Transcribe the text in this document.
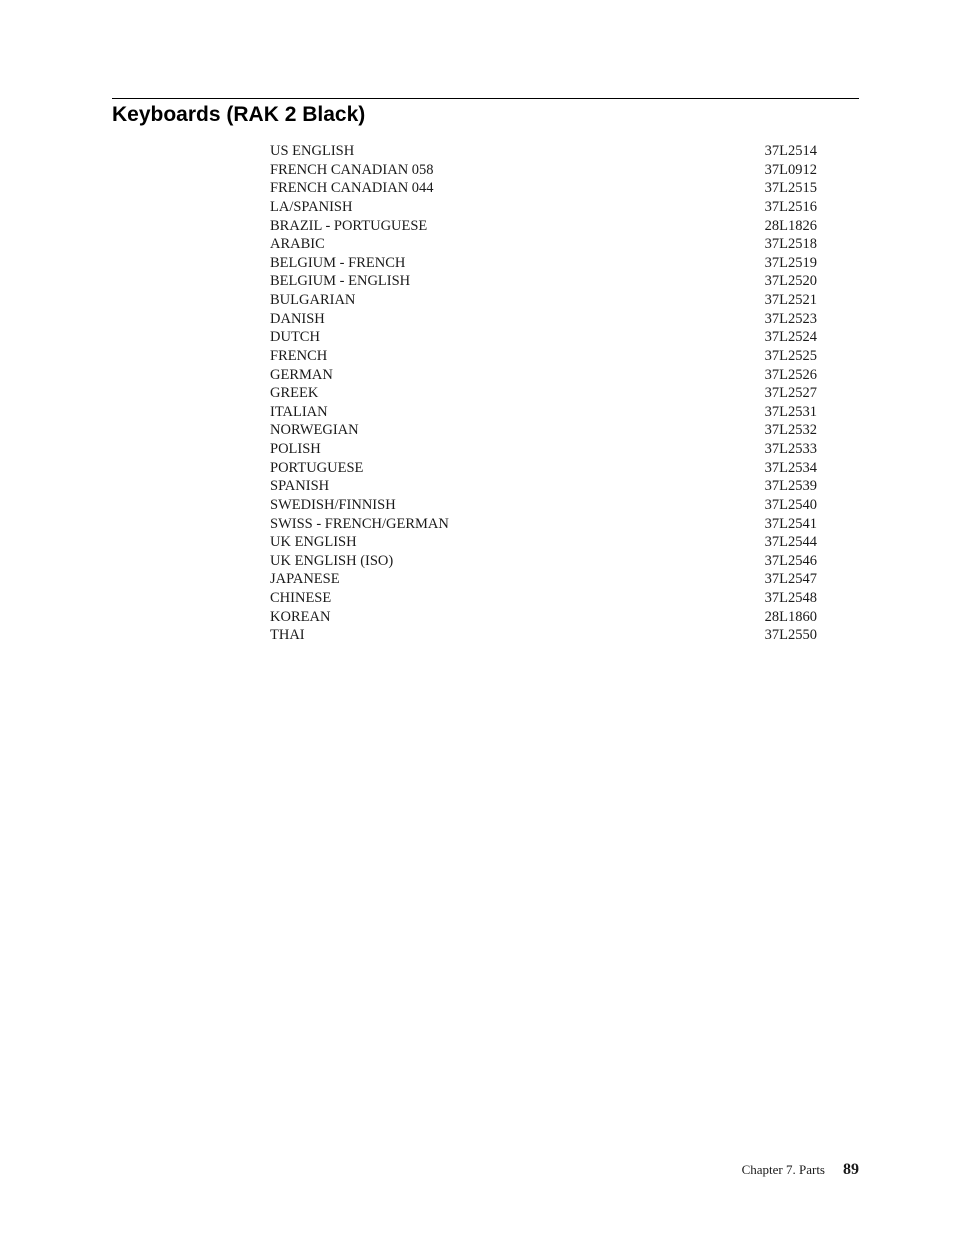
Keyboards (RAK 2 Black)
US ENGLISH	37L2514
FRENCH CANADIAN 058	37L0912
FRENCH CANADIAN 044	37L2515
LA/SPANISH	37L2516
BRAZIL - PORTUGUESE	28L1826
ARABIC	37L2518
BELGIUM - FRENCH	37L2519
BELGIUM - ENGLISH	37L2520
BULGARIAN	37L2521
DANISH	37L2523
DUTCH	37L2524
FRENCH	37L2525
GERMAN	37L2526
GREEK	37L2527
ITALIAN	37L2531
NORWEGIAN	37L2532
POLISH	37L2533
PORTUGUESE	37L2534
SPANISH	37L2539
SWEDISH/FINNISH	37L2540
SWISS - FRENCH/GERMAN	37L2541
UK ENGLISH	37L2544
UK ENGLISH (ISO)	37L2546
JAPANESE	37L2547
CHINESE	37L2548
KOREAN	28L1860
THAI	37L2550
Chapter 7. Parts 89
